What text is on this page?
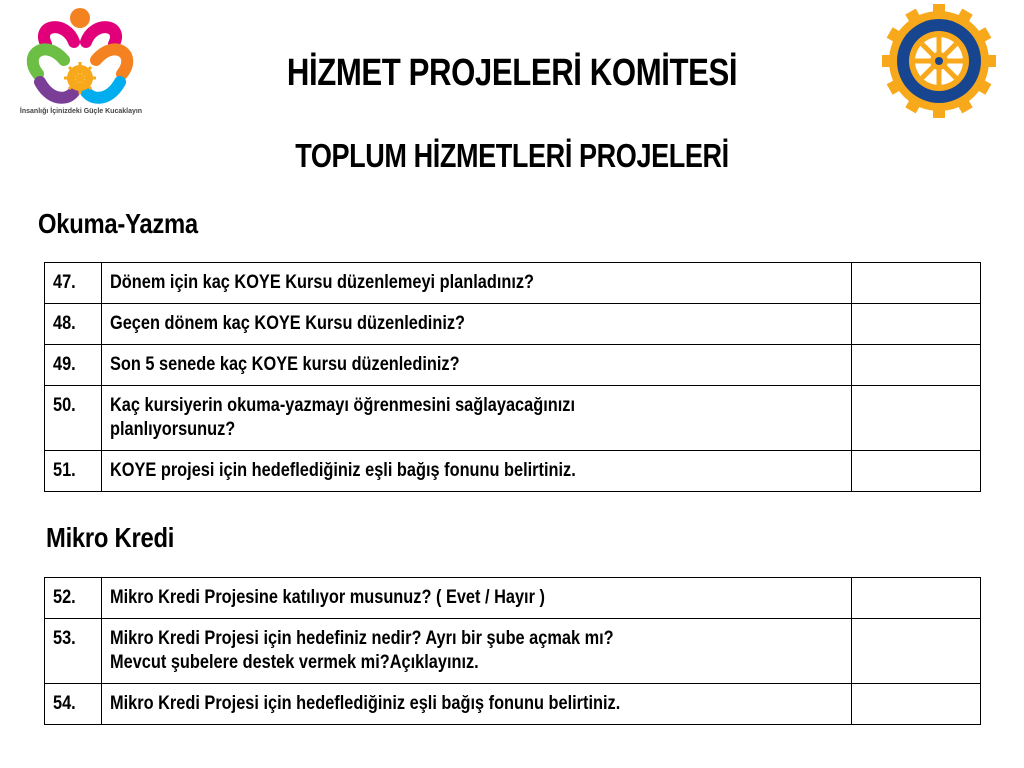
İnsanlığı İçinizdeki Güçle Kucaklayın
HİZMET PROJELERİ KOMİTESİ
TOPLUM HİZMETLERİ PROJELERİ
Okuma-Yazma
47.	Dönem için kaç KOYE Kursu düzenlemeyi planladınız?	
48.	Geçen dönem kaç KOYE Kursu düzenlediniz?	
49.	Son 5 senede kaç KOYE kursu düzenlediniz?	
50.	Kaç kursiyerin okuma-yazmayı öğrenmesini sağlayacağınızı
planlıyorsunuz?	
51.	KOYE projesi için hedeflediğiniz eşli bağış fonunu belirtiniz.	
Mikro Kredi
52.	Mikro Kredi Projesine katılıyor musunuz? ( Evet / Hayır )	
53.	Mikro Kredi Projesi için hedefiniz nedir? Ayrı bir şube açmak mı?
Mevcut şubelere destek vermek mi?Açıklayınız.	
54.	Mikro Kredi Projesi için hedeflediğiniz eşli bağış fonunu belirtiniz.	
